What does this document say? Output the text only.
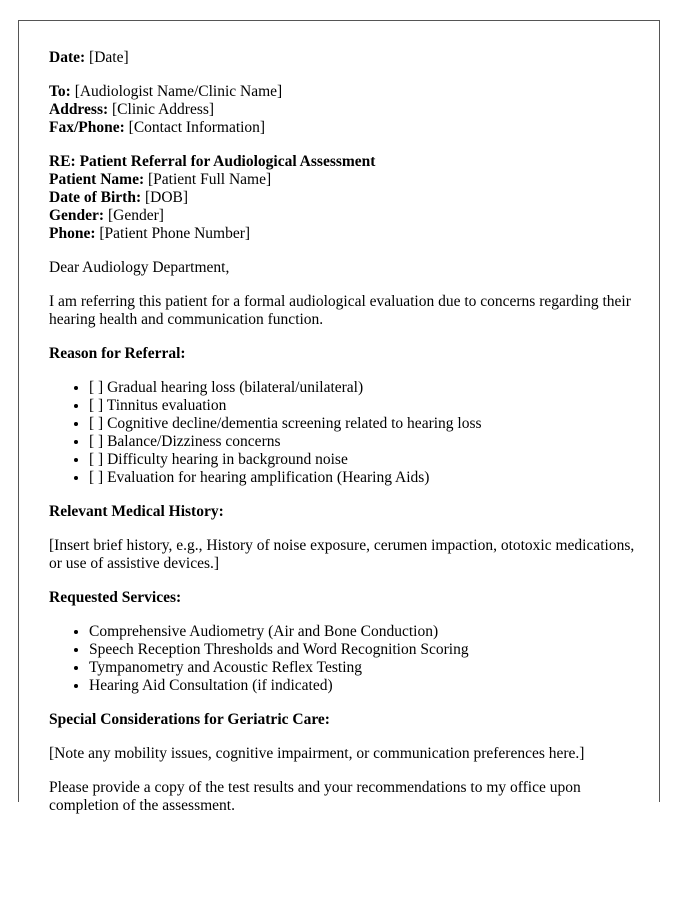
Date: [Date]

To: [Audiologist Name/Clinic Name]
Address: [Clinic Address]
Fax/Phone: [Contact Information]

RE: Patient Referral for Audiological Assessment
Patient Name: [Patient Full Name]
Date of Birth: [DOB]
Gender: [Gender]
Phone: [Patient Phone Number]

Dear Audiology Department,

I am referring this patient for a formal audiological evaluation due to concerns regarding their hearing health and communication function.

Reason for Referral:
• [ ] Gradual hearing loss (bilateral/unilateral)
• [ ] Tinnitus evaluation
• [ ] Cognitive decline/dementia screening related to hearing loss
• [ ] Balance/Dizziness concerns
• [ ] Difficulty hearing in background noise
• [ ] Evaluation for hearing amplification (Hearing Aids)
Relevant Medical History:

[Insert brief history, e.g., History of noise exposure, cerumen impaction, ototoxic medications, or use of assistive devices.]

Requested Services:
• Comprehensive Audiometry (Air and Bone Conduction)
• Speech Reception Thresholds and Word Recognition Scoring
• Tympanometry and Acoustic Reflex Testing
• Hearing Aid Consultation (if indicated)
Special Considerations for Geriatric Care:

[Note any mobility issues, cognitive impairment, or communication preferences here.]

Please provide a copy of the test results and your recommendations to my office upon completion of the assessment.
